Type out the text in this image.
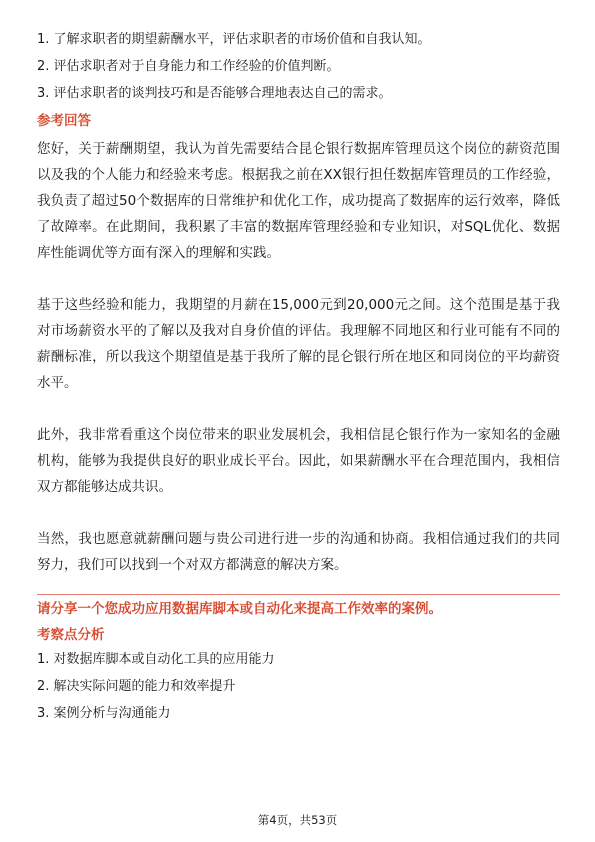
1. 了解求职者的期望薪酬水平，评估求职者的市场价值和自我认知。
2. 评估求职者对于自身能力和工作经验的价值判断。
3. 评估求职者的谈判技巧和是否能够合理地表达自己的需求。
参考回答

您好，关于薪酬期望，我认为首先需要结合昆仑银行数据库管理员这个岗位的薪资范围以及我的个人能力和经验来考虑。根据我之前在XX银行担任数据库管理员的工作经验，我负责了超过50个数据库的日常维护和优化工作，成功提高了数据库的运行效率，降低了故障率。在此期间，我积累了丰富的数据库管理经验和专业知识，对SQL优化、数据库性能调优等方面有深入的理解和实践。

基于这些经验和能力，我期望的月薪在15,000元到20,000元之间。这个范围是基于我对市场薪资水平的了解以及我对自身价值的评估。我理解不同地区和行业可能有不同的薪酬标准，所以我这个期望值是基于我所了解的昆仑银行所在地区和同岗位的平均薪资水平。

此外，我非常看重这个岗位带来的职业发展机会，我相信昆仑银行作为一家知名的金融机构，能够为我提供良好的职业成长平台。因此，如果薪酬水平在合理范围内，我相信双方都能够达成共识。

当然，我也愿意就薪酬问题与贵公司进行进一步的沟通和协商。我相信通过我们的共同努力，我们可以找到一个对双方都满意的解决方案。

请分享一个您成功应用数据库脚本或自动化来提高工作效率的案例。
考察点分析
1. 对数据库脚本或自动化工具的应用能力
2. 解决实际问题的能力和效率提升
3. 案例分析与沟通能力
第4页，共53页
